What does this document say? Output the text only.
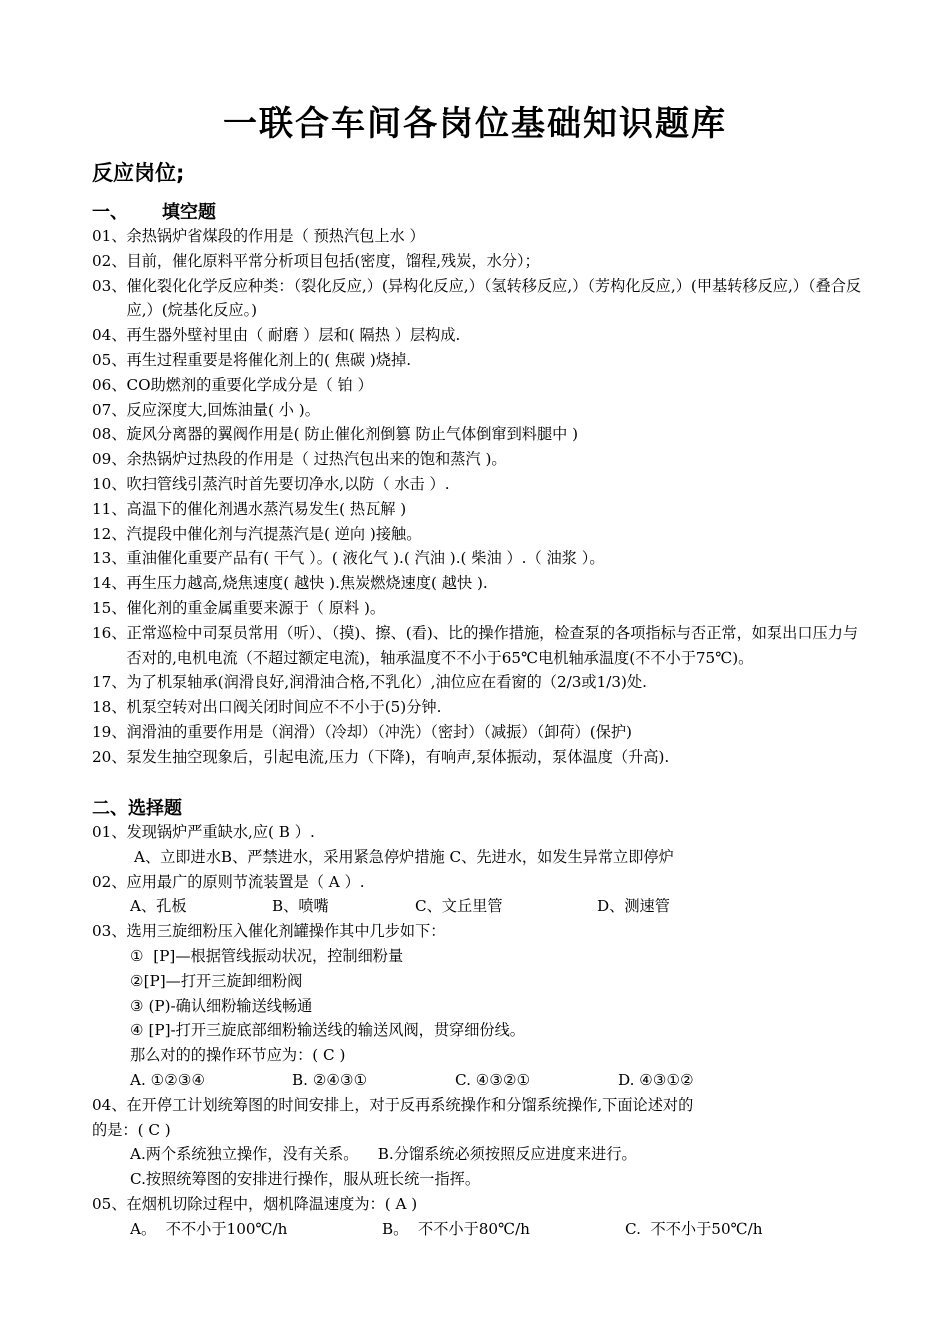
一联合车间各岗位基础知识题库
反应岗位;
一、 填空题
01、 余热锅炉省煤段的作用是（ 预热汽包上水 ）
02、 目前，催化原料平常分析项目包括(密度，馏程,残炭，水分）；
03、 催化裂化化学反应种类：（裂化反应,）(异构化反应,）（氢转移反应,）（芳构化反应,）(甲基转移反应,）（叠合反应,）(烷基化反应。)
04、 再生器外壁衬里由（ 耐磨 ）层和( 隔热 ）层构成.
05、 再生过程重要是将催化剂上的( 焦碳 )烧掉.
06、 CO助燃剂的重要化学成分是（ 铂 ）
07、 反应深度大,回炼油量( 小 )。
08、 旋风分离器的翼阀作用是( 防止催化剂倒篡 防止气体倒窜到料腿中 )
09、 余热锅炉过热段的作用是（ 过热汽包出来的饱和蒸汽 )。
10、 吹扫管线引蒸汽时首先要切净水,以防（ 水击 ）.
11、 高温下的催化剂遇水蒸汽易发生( 热瓦解 )
12、 汽提段中催化剂与汽提蒸汽是( 逆向 )接触。
13、 重油催化重要产品有( 干气 ）。( 液化气 ).( 汽油 ).( 柴油 ）.（ 油浆 ）。
14、 再生压力越高,烧焦速度( 越快 ).焦炭燃烧速度( 越快 ).
15、 催化剂的重金属重要来源于（ 原料 )。
16、 正常巡检中司泵员常用（听）、（摸)、擦、(看)、比的操作措施，检查泵的各项指标与否正常，如泵出口压力与否对的,电机电流（不超过额定电流)，轴承温度不不小于65℃电机轴承温度(不不小于75℃)。
17、 为了机泵轴承(润滑良好,润滑油合格,不乳化）,油位应在看窗的（2/3或1/3)处.
18、 机泵空转对出口阀关闭时间应不不小于(5)分钟.
19、 润滑油的重要作用是（润滑）（冷却）（冲洗）（密封）（减振）（卸荷）(保护)
20、 泵发生抽空现象后，引起电流,压力（下降)，有响声,泵体振动，泵体温度（升高).
二、选择题
01、 发现锅炉严重缺水,应( B ）.
A、立即进水B、严禁进水，采用紧急停炉措施 C、先进水，如发生异常立即停炉
02、 应用最广的原则节流装置是（ A ）.
A、孔板	B、喷嘴	C、文丘里管	D、测速管
03、 选用三旋细粉压入催化剂罐操作其中几步如下：
①  [P]—根据管线振动状况，控制细粉量
②[P]—打开三旋卸细粉阀
③ (P)-确认细粉输送线畅通
④ [P]-打开三旋底部细粉输送线的输送风阀，贯穿细份线。
那么对的的操作环节应为：( C )
A. ①②③④	B. ②④③①	C. ④③②①	D. ④③①②
04、 在开停工计划统筹图的时间安排上，对于反再系统操作和分馏系统操作,下面论述对的
的是：( C )
A.两个系统独立操作，没有关系。    B.分馏系统必须按照反应进度来进行。
C.按照统筹图的安排进行操作，服从班长统一指挥。
05、 在烟机切除过程中，烟机降温速度为：( A )
A。  不不小于100℃/h	B。  不不小于80℃/h	C.  不不小于50℃/h
